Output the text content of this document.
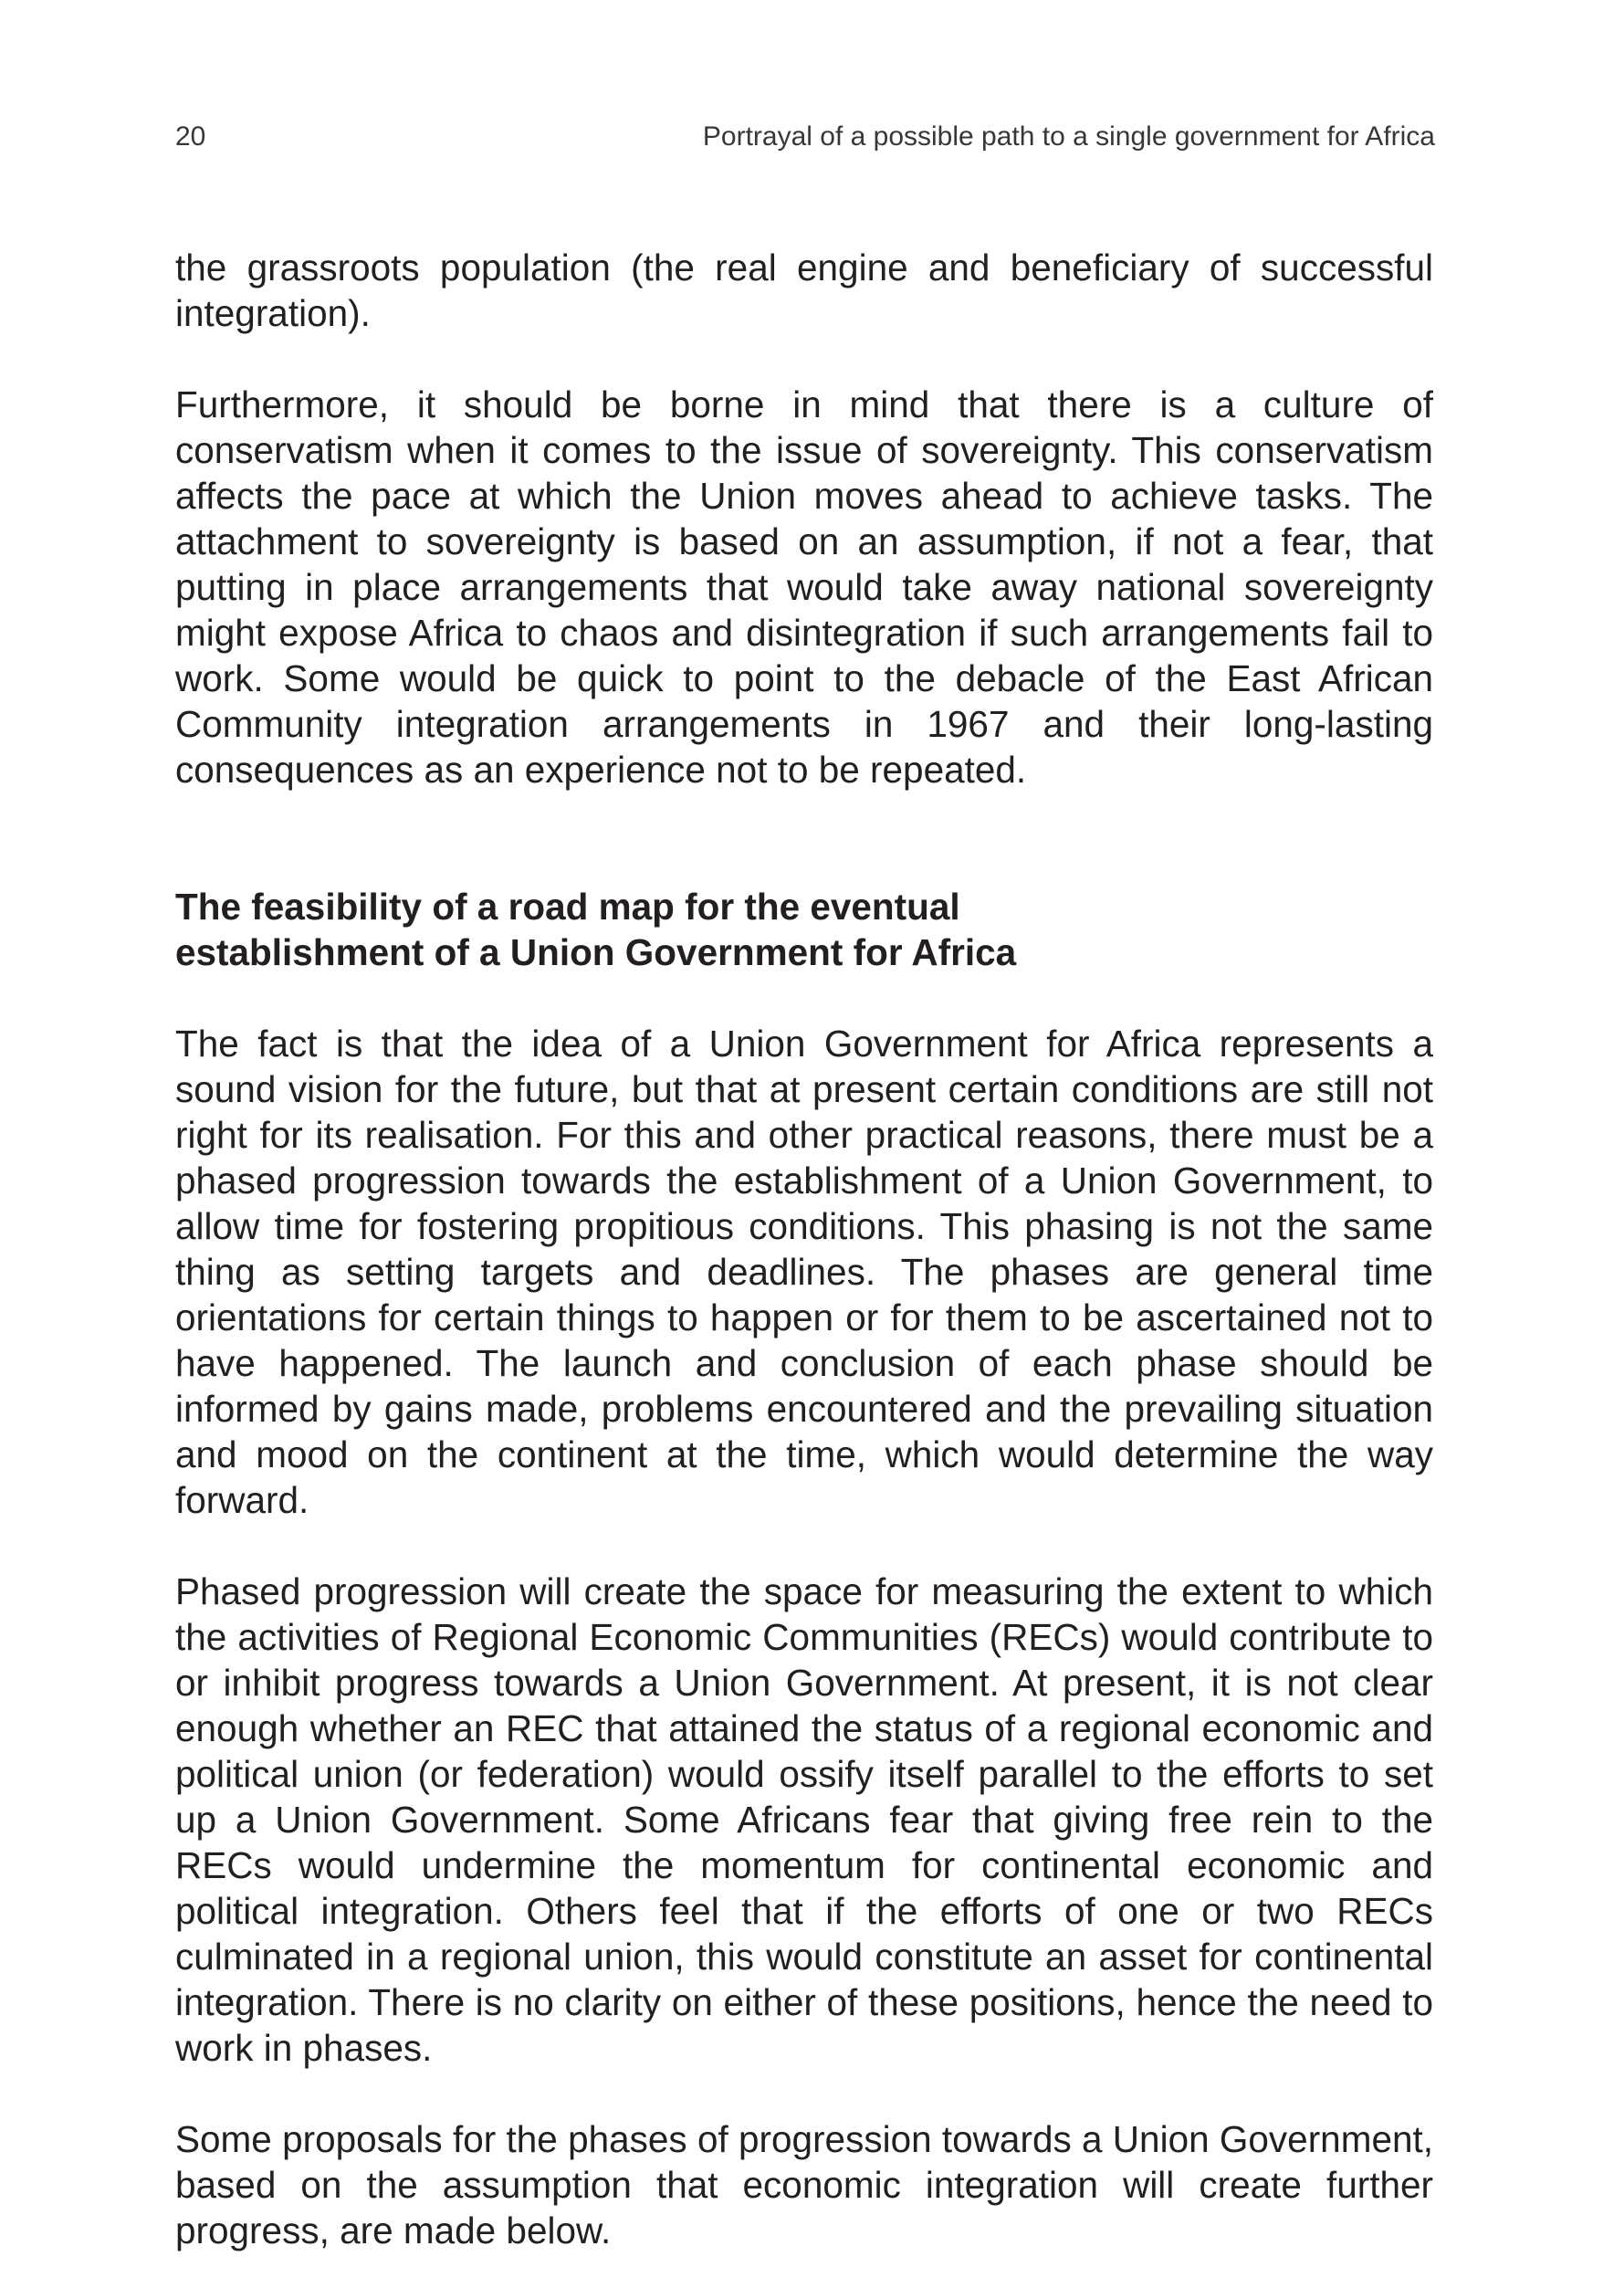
20	Portrayal of a possible path to a single government for Africa

the grassroots population (the real engine and beneficiary of successful integration).

Furthermore, it should be borne in mind that there is a culture of conservatism when it comes to the issue of sovereignty. This conservatism affects the pace at which the Union moves ahead to achieve tasks. The attachment to sovereignty is based on an assumption, if not a fear, that putting in place arrangements that would take away national sovereignty might expose Africa to chaos and disintegration if such arrangements fail to work. Some would be quick to point to the debacle of the East African Community integration arrangements in 1967 and their long-lasting consequences as an experience not to be repeated.

The feasibility of a road map for the eventual
establishment of a Union Government for Africa

The fact is that the idea of a Union Government for Africa represents a sound vision for the future, but that at present certain conditions are still not right for its realisation. For this and other practical reasons, there must be a phased progression towards the establishment of a Union Government, to allow time for fostering propitious conditions. This phasing is not the same thing as setting targets and deadlines. The phases are general time orientations for certain things to happen or for them to be ascertained not to have happened. The launch and conclusion of each phase should be informed by gains made, problems encountered and the prevailing situation and mood on the continent at the time, which would determine the way forward.

Phased progression will create the space for measuring the extent to which the activities of Regional Economic Communities (RECs) would contribute to or inhibit progress towards a Union Government. At present, it is not clear enough whether an REC that attained the status of a regional economic and political union (or federation) would ossify itself parallel to the efforts to set up a Union Government. Some Africans fear that giving free rein to the RECs would undermine the momentum for continental economic and political integration. Others feel that if the efforts of one or two RECs culminated in a regional union, this would constitute an asset for continental integration. There is no clarity on either of these positions, hence the need to work in phases.

Some proposals for the phases of progression towards a Union Government, based on the assumption that economic integration will create further progress, are made below.
